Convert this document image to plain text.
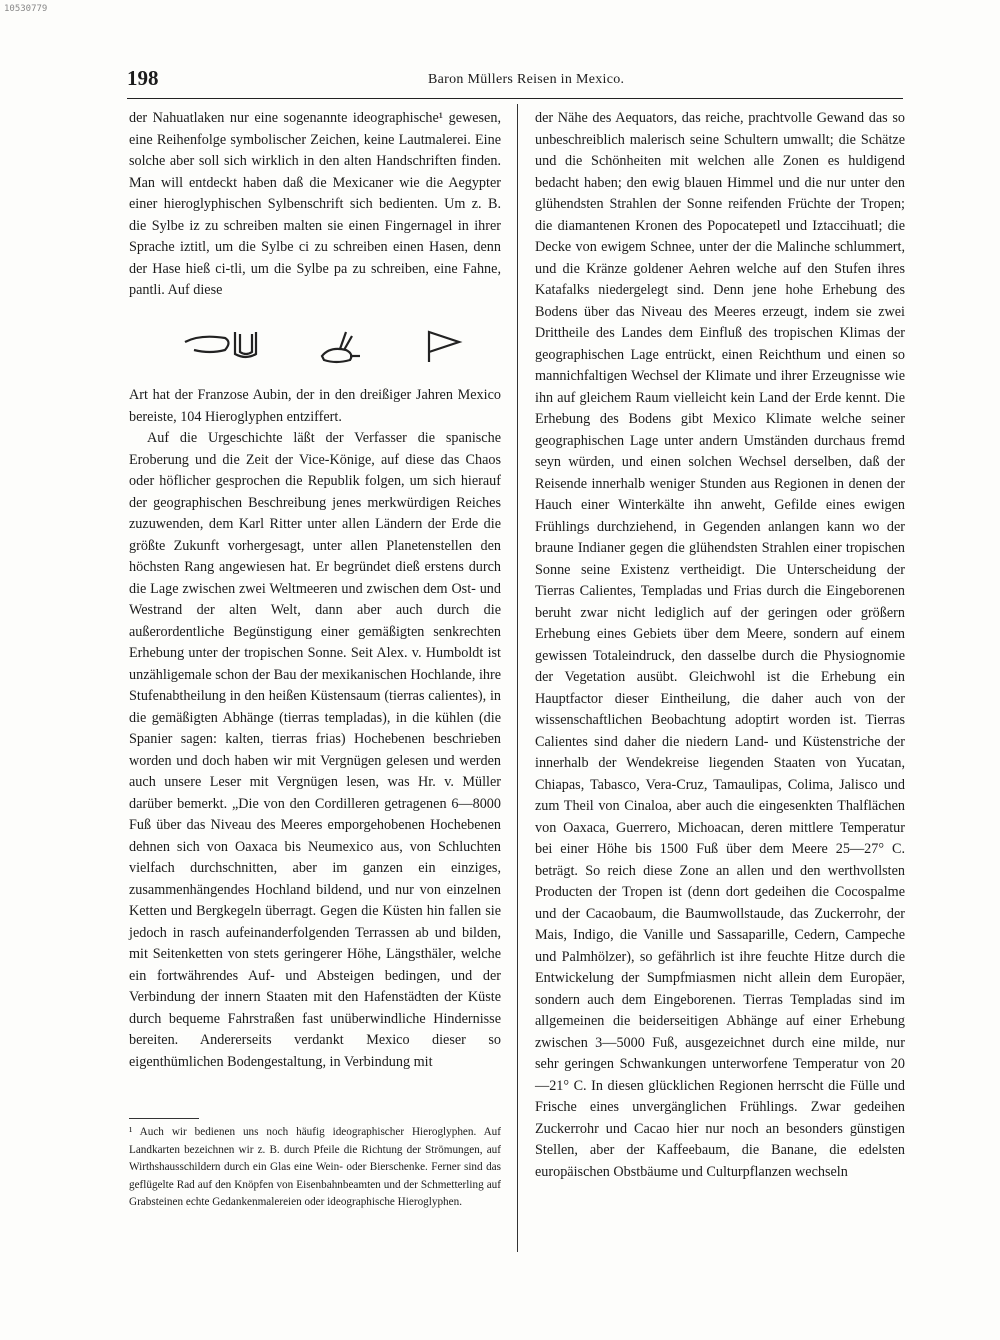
10530779
198	Baron Müllers Reisen in Mexico.

der Nahuatlaken nur eine sogenannte ideographische¹ gewesen, eine Reihenfolge symbolischer Zeichen, keine Lautmalerei. Eine solche aber soll sich wirklich in den alten Handschriften finden. Man will entdeckt haben daß die Mexicaner wie die Aegypter einer hieroglyphischen Sylbenschrift sich bedienten. Um z. B. die Sylbe iz zu schreiben malten sie einen Fingernagel in ihrer Sprache iztitl, um die Sylbe ci zu schreiben einen Hasen, denn der Hase hieß ci-tli, um die Sylbe pa zu schreiben, eine Fahne, pantli. Auf diese

Art hat der Franzose Aubin, der in den dreißiger Jahren Mexico bereiste, 104 Hieroglyphen entziffert.

Auf die Urgeschichte läßt der Verfasser die spanische Eroberung und die Zeit der Vice-Könige, auf diese das Chaos oder höflicher gesprochen die Republik folgen, um sich hierauf der geographischen Beschreibung jenes merkwürdigen Reiches zuzuwenden, dem Karl Ritter unter allen Ländern der Erde die größte Zukunft vorhergesagt, unter allen Planetenstellen den höchsten Rang angewiesen hat. Er begründet dieß erstens durch die Lage zwischen zwei Weltmeeren und zwischen dem Ost- und Westrand der alten Welt, dann aber auch durch die außerordentliche Begünstigung einer gemäßigten senkrechten Erhebung unter der tropischen Sonne. Seit Alex. v. Humboldt ist unzähligemale schon der Bau der mexikanischen Hochlande, ihre Stufenabtheilung in den heißen Küstensaum (tierras calientes), in die gemäßigten Abhänge (tierras templadas), in die kühlen (die Spanier sagen: kalten, tierras frias) Hochebenen beschrieben worden und doch haben wir mit Vergnügen gelesen und werden auch unsere Leser mit Vergnügen lesen, was Hr. v. Müller darüber bemerkt. „Die von den Cordilleren getragenen 6—8000 Fuß über das Niveau des Meeres emporgehobenen Hochebenen dehnen sich von Oaxaca bis Neumexico aus, von Schluchten vielfach durchschnitten, aber im ganzen ein einziges, zusammenhängendes Hochland bildend, und nur von einzelnen Ketten und Bergkegeln überragt. Gegen die Küsten hin fallen sie jedoch in rasch aufeinanderfolgenden Terrassen ab und bilden, mit Seitenketten von stets geringerer Höhe, Längsthäler, welche ein fortwährendes Auf- und Absteigen bedingen, und der Verbindung der innern Staaten mit den Hafenstädten der Küste durch bequeme Fahrstraßen fast unüberwindliche Hindernisse bereiten. Andererseits verdankt Mexico dieser so eigenthümlichen Bodengestaltung, in Verbindung mit

¹ Auch wir bedienen uns noch häufig ideographischer Hieroglyphen. Auf Landkarten bezeichnen wir z. B. durch Pfeile die Richtung der Strömungen, auf Wirthshausschildern durch ein Glas eine Wein- oder Bierschenke. Ferner sind das geflügelte Rad auf den Knöpfen von Eisenbahnbeamten und der Schmetterling auf Grabsteinen echte Gedankenmalereien oder ideographische Hieroglyphen.

der Nähe des Aequators, das reiche, prachtvolle Gewand das so unbeschreiblich malerisch seine Schultern umwallt; die Schätze und die Schönheiten mit welchen alle Zonen es huldigend bedacht haben; den ewig blauen Himmel und die nur unter den glühendsten Strahlen der Sonne reifenden Früchte der Tropen; die diamantenen Kronen des Popocatepetl und Iztaccihuatl; die Decke von ewigem Schnee, unter der die Malinche schlummert, und die Kränze goldener Aehren welche auf den Stufen ihres Katafalks niedergelegt sind. Denn jene hohe Erhebung des Bodens über das Niveau des Meeres erzeugt, indem sie zwei Drittheile des Landes dem Einfluß des tropischen Klimas der geographischen Lage entrückt, einen Reichthum und einen so mannichfaltigen Wechsel der Klimate und ihrer Erzeugnisse wie ihn auf gleichem Raum vielleicht kein Land der Erde kennt. Die Erhebung des Bodens gibt Mexico Klimate welche seiner geographischen Lage unter andern Umständen durchaus fremd seyn würden, und einen solchen Wechsel derselben, daß der Reisende innerhalb weniger Stunden aus Regionen in denen der Hauch einer Winterkälte ihn anweht, Gefilde eines ewigen Frühlings durchziehend, in Gegenden anlangen kann wo der braune Indianer gegen die glühendsten Strahlen einer tropischen Sonne seine Existenz vertheidigt. Die Unterscheidung der Tierras Calientes, Templadas und Frias durch die Eingeborenen beruht zwar nicht lediglich auf der geringen oder größern Erhebung eines Gebiets über dem Meere, sondern auf einem gewissen Totaleindruck, den dasselbe durch die Physiognomie der Vegetation ausübt. Gleichwohl ist die Erhebung ein Hauptfactor dieser Eintheilung, die daher auch von der wissenschaftlichen Beobachtung adoptirt worden ist. Tierras Calientes sind daher die niedern Land- und Küstenstriche der innerhalb der Wendekreise liegenden Staaten von Yucatan, Chiapas, Tabasco, Vera-Cruz, Tamaulipas, Colima, Jalisco und zum Theil von Cinaloa, aber auch die eingesenkten Thalflächen von Oaxaca, Guerrero, Michoacan, deren mittlere Temperatur bei einer Höhe bis 1500 Fuß über dem Meere 25—27° C. beträgt. So reich diese Zone an allen und den werthvollsten Producten der Tropen ist (denn dort gedeihen die Cocospalme und der Cacaobaum, die Baumwollstaude, das Zuckerrohr, der Mais, Indigo, die Vanille und Sassaparille, Cedern, Campeche und Palmhölzer), so gefährlich ist ihre feuchte Hitze durch die Entwickelung der Sumpfmiasmen nicht allein dem Europäer, sondern auch dem Eingeborenen. Tierras Templadas sind im allgemeinen die beiderseitigen Abhänge auf einer Erhebung zwischen 3—5000 Fuß, ausgezeichnet durch eine milde, nur sehr geringen Schwankungen unterworfene Temperatur von 20—21° C. In diesen glücklichen Regionen herrscht die Fülle und Frische eines unvergänglichen Frühlings. Zwar gedeihen Zuckerrohr und Cacao hier nur noch an besonders günstigen Stellen, aber der Kaffeebaum, die Banane, die edelsten europäischen Obstbäume und Culturpflanzen wechseln
